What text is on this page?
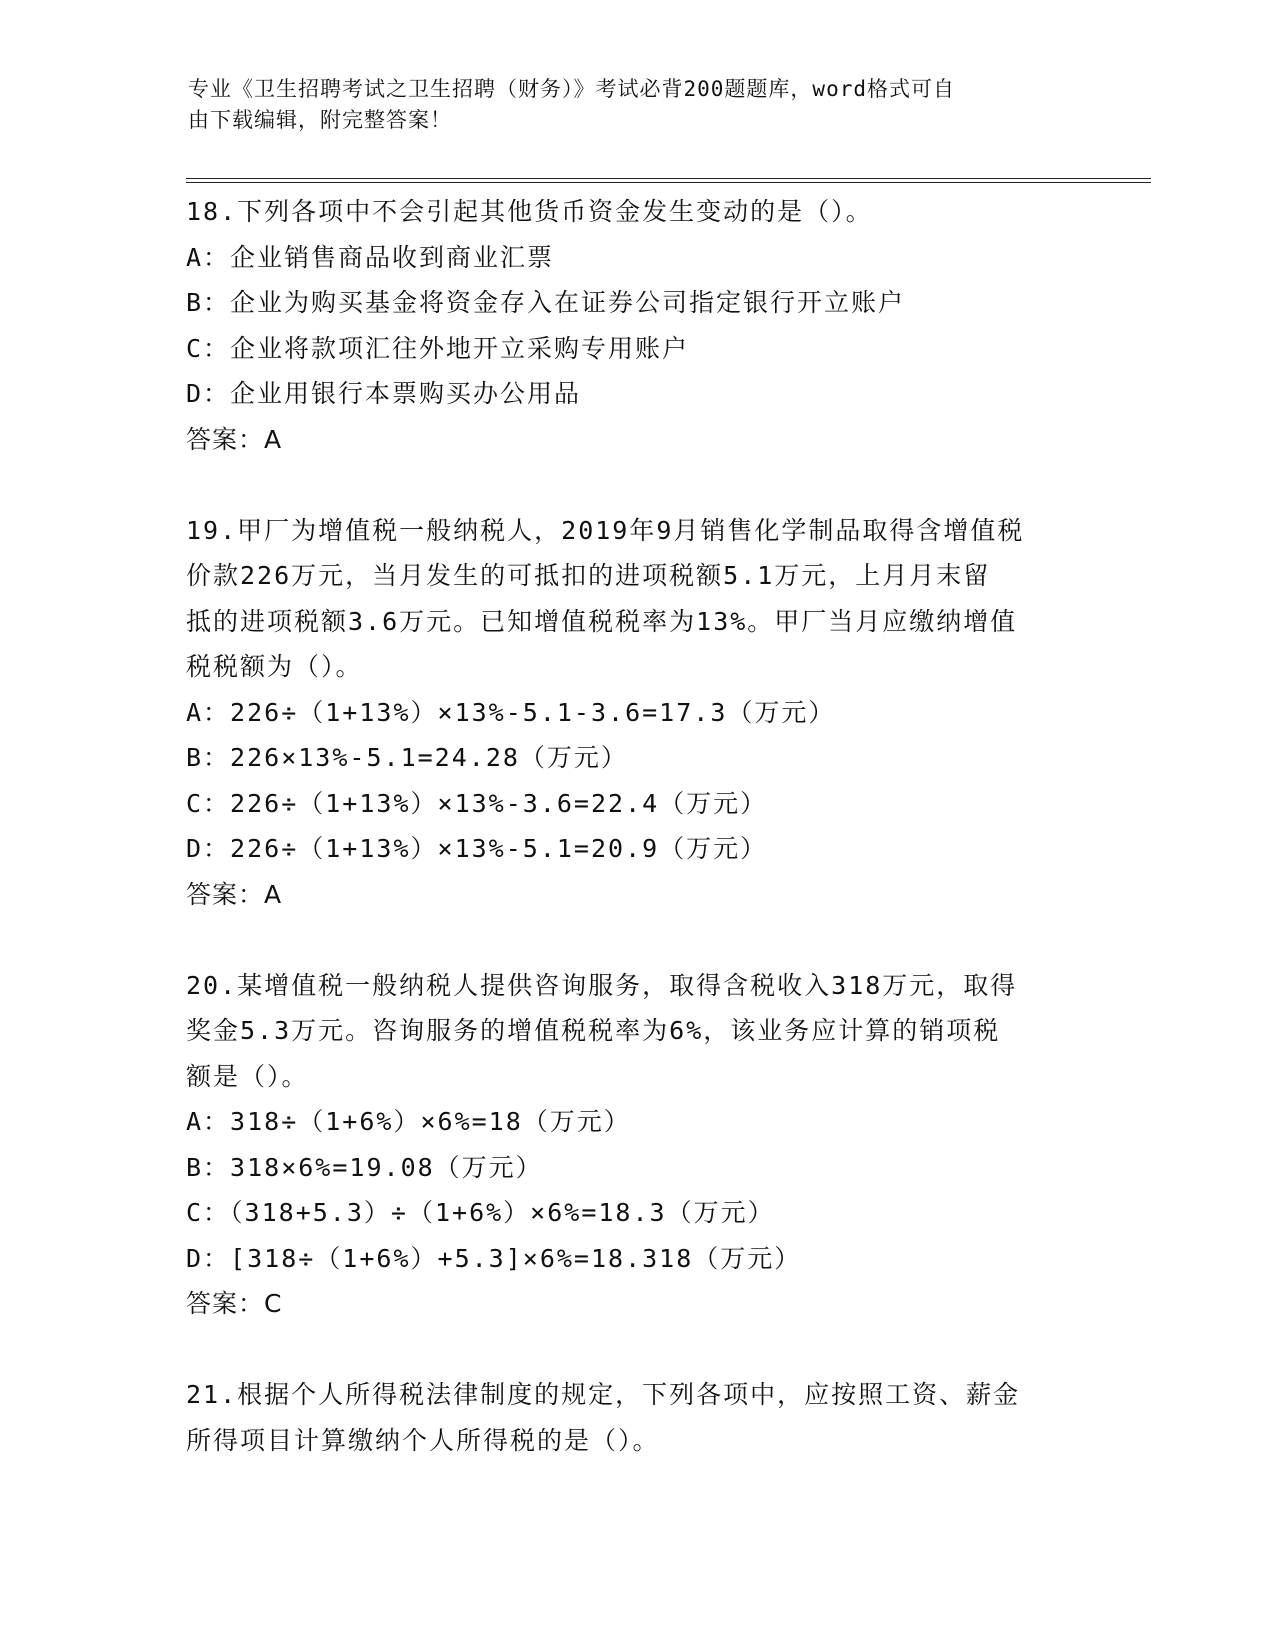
专业《卫生招聘考试之卫生招聘（财务）》考试必背200题题库，word格式可自
由下载编辑，附完整答案！
18.下列各项中不会引起其他货币资金发生变动的是（）。
A：企业销售商品收到商业汇票
B：企业为购买基金将资金存入在证券公司指定银行开立账户
C：企业将款项汇往外地开立采购专用账户
D：企业用银行本票购买办公用品
答案：A
19.甲厂为增值税一般纳税人，2019年9月销售化学制品取得含增值税
价款226万元，当月发生的可抵扣的进项税额5.1万元，上月月末留
抵的进项税额3.6万元。已知增值税税率为13%。甲厂当月应缴纳增值
税税额为（）。
A：226÷（1+13%）×13%-5.1-3.6=17.3（万元）
B：226×13%-5.1=24.28（万元）
C：226÷（1+13%）×13%-3.6=22.4（万元）
D：226÷（1+13%）×13%-5.1=20.9（万元）
答案：A
20.某增值税一般纳税人提供咨询服务，取得含税收入318万元，取得
奖金5.3万元。咨询服务的增值税税率为6%，该业务应计算的销项税
额是（）。
A：318÷（1+6%）×6%=18（万元）
B：318×6%=19.08（万元）
C：（318+5.3）÷（1+6%）×6%=18.3（万元）
D：[318÷（1+6%）+5.3]×6%=18.318（万元）
答案：C
21.根据个人所得税法律制度的规定，下列各项中，应按照工资、薪金
所得项目计算缴纳个人所得税的是（）。
